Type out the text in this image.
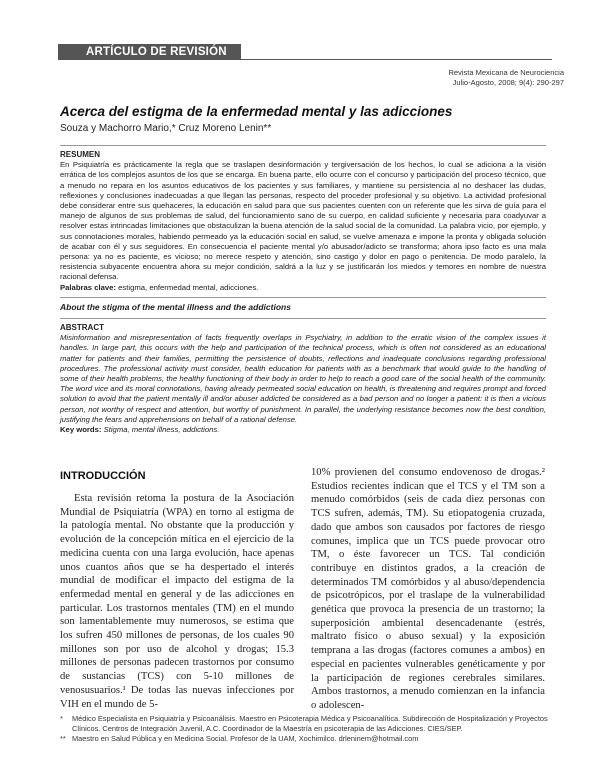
ARTÍCULO DE REVISIÓN
Revista Mexicana de Neurociencia
Julio-Agosto, 2008; 9(4): 290-297
Acerca del estigma de la enfermedad mental y las adicciones
Souza y Machorro Mario,* Cruz Moreno Lenin**
RESUMEN
En Psiquiatría es prácticamente la regla que se traslapen desinformación y tergiversación de los hechos, lo cual se adiciona a la visión errática de los complejos asuntos de los que se encarga. En buena parte, ello ocurre con el concurso y participación del proceso técnico, que a menudo no repara en los asuntos educativos de los pacientes y sus familiares, y mantiene su persistencia al no deshacer las dudas, reflexiones y conclusiones inadecuadas a que llegan las personas, respecto del proceder profesional y su objetivo. La actividad profesional debe considerar entre sus quehaceres, la educación en salud para que sus pacientes cuenten con un referente que les sirva de guía para el manejo de algunos de sus problemas de salud, del funcionamiento sano de su cuerpo, en calidad suficiente y necesaria para coadyuvar a resolver estas intrincadas limitaciones que obstaculizan la buena atención de la salud social de la comunidad. La palabra vicio, por ejemplo, y sus connotaciones morales, habiendo permeado ya la educación social en salud, se vuelve amenaza e impone la pronta y obligada solución de acabar con él y sus seguidores. En consecuencia el paciente mental y/o abusador/adicto se transforma; ahora ipso facto es una mala persona: ya no es paciente, es vicioso; no merece respeto y atención, sino castigo y dolor en pago o penitencia. De modo paralelo, la resistencia subyacente encuentra ahora su mejor condición, saldrá a la luz y se justificarán los miedos y temores en nombre de nuestra racional defensa.
Palabras clave: estigma, enfermedad mental, adicciones.
About the stigma of the mental illness and the addictions
ABSTRACT
Misinformation and misrepresentation of facts frequently overlaps in Psychiatry, in addition to the erratic vision of the complex issues it handles. In large part, this occurs with the help and participation of the technical process, which is often not considered as an educational matter for patients and their families, permitting the persistence of doubts, reflections and inadequate conclusions regarding professional procedures. The professional activity must consider, health education for patients with as a benchmark that would guide to the handling of some of their health problems, the healthy functioning of their body in order to help to reach a good care of the social health of the community. The word vice and its moral connotations, having already permeated social education on health, is threatening and requires prompt and forced solution to avoid that the patient mentally ill and/or abuser addicted be considered as a bad person and no longer a patient: it is then a vicious person, not worthy of respect and attention, but worthy of punishment. In parallel, the underlying resistance becomes now the best condition, justifying the fears and apprehensions on behalf of a rational defense.
Key words: Stigma, mental illness, addictions.
INTRODUCCIÓN
Esta revisión retoma la postura de la Asociación Mundial de Psiquiatría (WPA) en torno al estigma de la patología mental. No obstante que la producción y evolución de la concepción mítica en el ejercicio de la medicina cuenta con una larga evolución, hace apenas unos cuantos años que se ha despertado el interés mundial de modificar el impacto del estigma de la enfermedad mental en general y de las adicciones en particular. Los trastornos mentales (TM) en el mundo son lamentablemente muy numerosos, se estima que los sufren 450 millones de personas, de los cuales 90 millones son por uso de alcohol y drogas; 15.3 millones de personas padecen trastornos por consumo de sustancias (TCS) con 5-10 millones de venosusuarios.¹ De todas las nuevas infecciones por VIH en el mundo de 5-
10% provienen del consumo endovenoso de drogas.² Estudios recientes indican que el TCS y el TM son a menudo comórbidos (seis de cada diez personas con TCS sufren, además, TM). Su etiopatogenia cruzada, dado que ambos son causados por factores de riesgo comunes, implica que un TCS puede provocar otro TM, o éste favorecer un TCS. Tal condición contribuye en distintos grados, a la creación de determinados TM comórbidos y al abuso/dependencia de psicotrópicos, por el traslape de la vulnerabilidad genética que provoca la presencia de un trastorno; la superposición ambiental desencadenante (estrés, maltrato físico o abuso sexual) y la exposición temprana a las drogas (factores comunes a ambos) en especial en pacientes vulnerables genéticamente y por la participación de regiones cerebrales similares. Ambos trastornos, a menudo comienzan en la infancia o adolescen-
*	Médico Especialista en Psiquiatría y Psicoanálisis. Maestro en Psicoterapia Médica y Psicoanalítica. Subdirección de Hospitalización y Proyectos Clínicos. Centros de Integración Juvenil, A.C. Coordinador de la Maestría en psicoterapia de las Adicciones. CIES/SEP.
** Maestro en Salud Pública y en Medicina Social. Profesor de la UAM, Xochimilco. drleninem@hotmail.com
